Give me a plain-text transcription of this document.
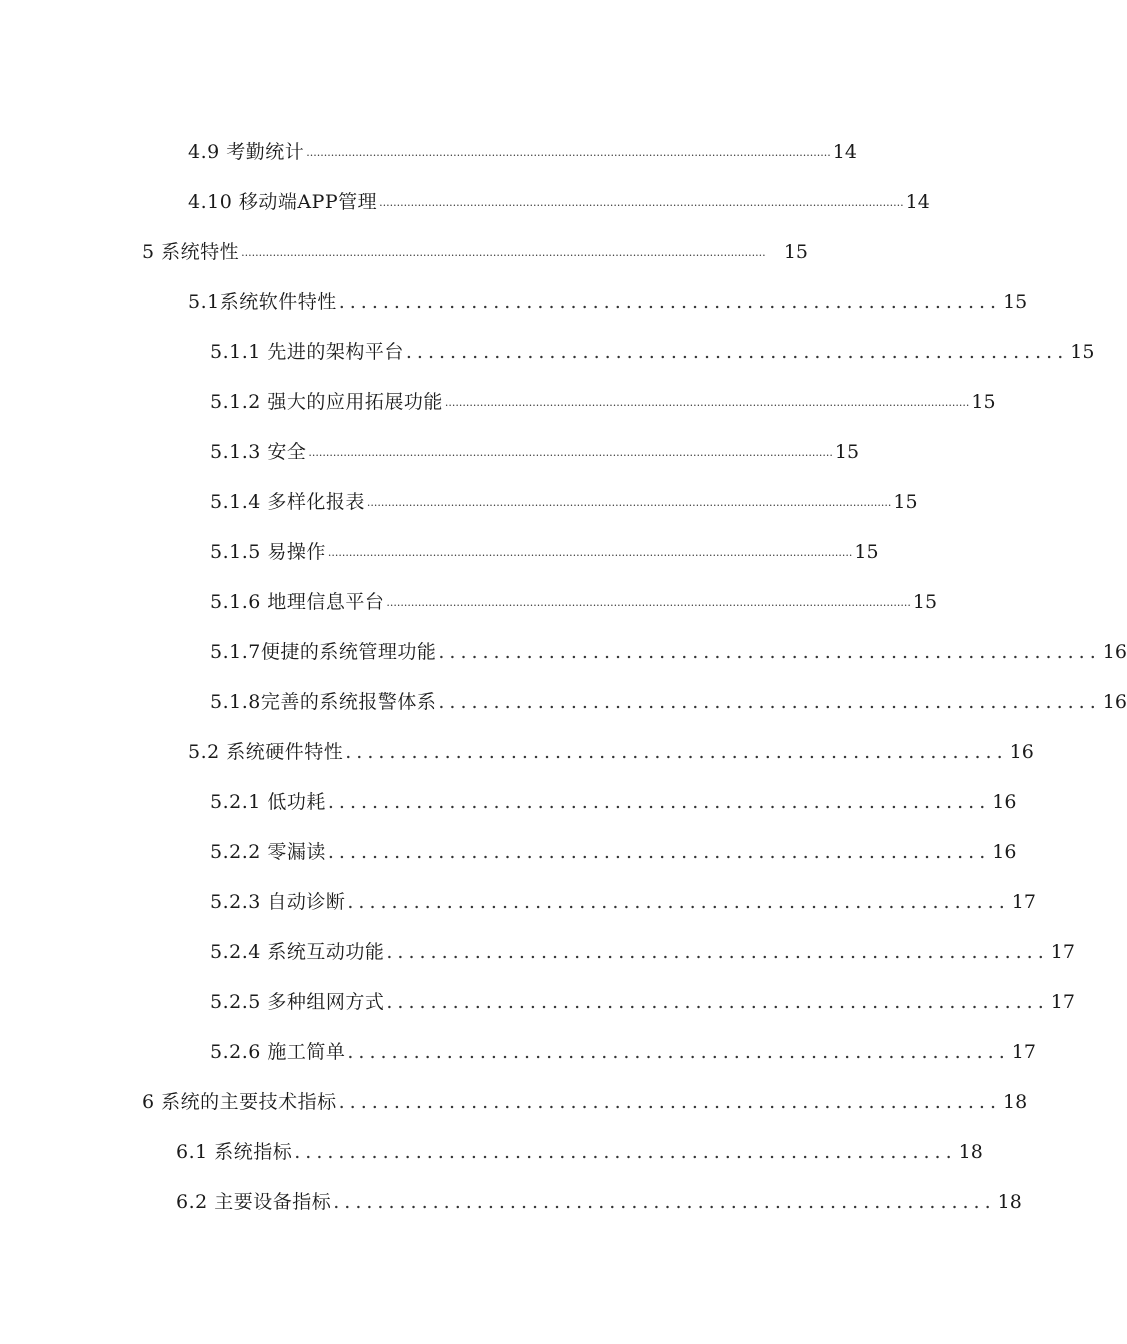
4.9 考勤统计 ...................................................................................................................................................... 14
4.10 移动端APP管理 ...................................................................................................................................................... 14
5 系统特性 ...................................................................................................................................................... 15
5.1系统软件特性 ............................................................ 15
5.1.1 先进的架构平台 ............................................................ 15
5.1.2 强大的应用拓展功能 ...................................................................................................................................................... 15
5.1.3 安全 ...................................................................................................................................................... 15
5.1.4 多样化报表 ...................................................................................................................................................... 15
5.1.5 易操作 ...................................................................................................................................................... 15
5.1.6 地理信息平台 ...................................................................................................................................................... 15
5.1.7便捷的系统管理功能 ............................................................ 16
5.1.8完善的系统报警体系 ............................................................ 16
5.2 系统硬件特性 ............................................................ 16
5.2.1 低功耗 ............................................................ 16
5.2.2 零漏读 ............................................................ 16
5.2.3 自动诊断 ............................................................ 17
5.2.4 系统互动功能 ............................................................ 17
5.2.5 多种组网方式 ............................................................ 17
5.2.6 施工简单 ............................................................ 17
6 系统的主要技术指标 ............................................................ 18
6.1 系统指标 ............................................................ 18
6.2 主要设备指标 ............................................................ 18
